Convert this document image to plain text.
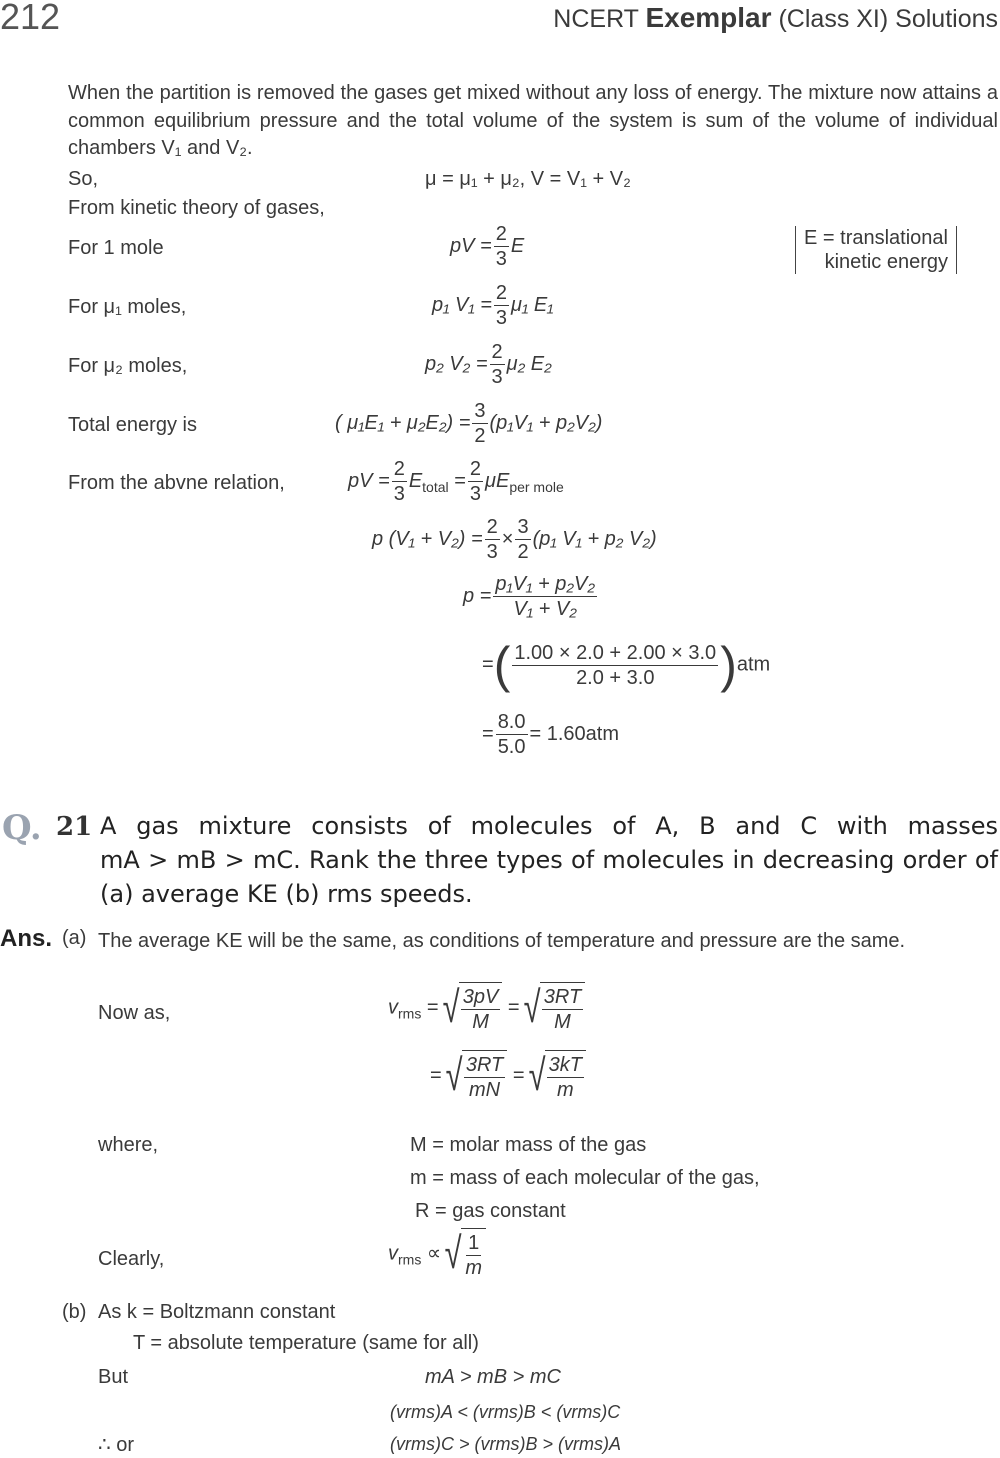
212	NCERT Exemplar (Class XI) Solutions
When the partition is removed the gases get mixed without any loss of energy. The mixture now attains a common equilibrium pressure and the total volume of the system is sum of the volume of individual chambers V₁ and V₂.
So,	μ = μ₁ + μ₂, V = V₁ + V₂
From kinetic theory of gases,
For 1 mole	pV = $\frac{2}{3}$ E	E = translational
kinetic energy
For μ₁ moles,	p₁ $V_1 = \frac{2}{3} \mu_1$ E₁
For μ₂ moles,	p₂ $V_2 = \frac{2}{3} \mu_2$ E₂
Total energy is	( $\mu_1E_1 + \mu_2E_2) = \frac{3}{2} (p_1V_1 + p_2V_2)$
From the abvne relation,	pV = $\frac{2}{3} E_{total} = \frac{2}{3} \mu E_{per mole}$
p $(V_1 + V_2) = \frac{2}{3} \times \frac{3}{2} (p_1$ V₁ + p₂ V₂)
$p = \frac{\text{p₁V₁ + p₂V₂}}{\text{V₁ + V₂}}$
=( $\frac{1.00 \times 2.0 + 2.00 \times 3.0}{2.0 + 3.0} )atm$
= $\frac{8.0}{5.0} = 1.60atm$
Q. 21 A gas mixture consists of molecules of A, B and C with masses
mA > mB > mC. Rank the three types of molecules in decreasing order of
(a) average KE (b) rms speeds.
Ans. (a) The average KE will be the same, as conditions of temperature and pressure are the same.
Now as,	$v_{rms}$ = √ $\frac{3pV}{M}$ = √ $\frac{3RT}{M}$
= √ $\frac{3RT}{mN}$ = √ $\frac{3kT}{m}$
where,	M = molar mass of the gas
m = mass of each molecular of the gas,
R = gas constant
Clearly,	$v_{rms}$ ∝ √ $\frac{1}{m}$
(b) As k = Boltzmann constant
T = absolute temperature (same for all)
But	mA > mB > mC
(vrms)A < (vrms)B < (vrms)C
∴ or	(vrms)C > (vrms)B > (vrms)A
